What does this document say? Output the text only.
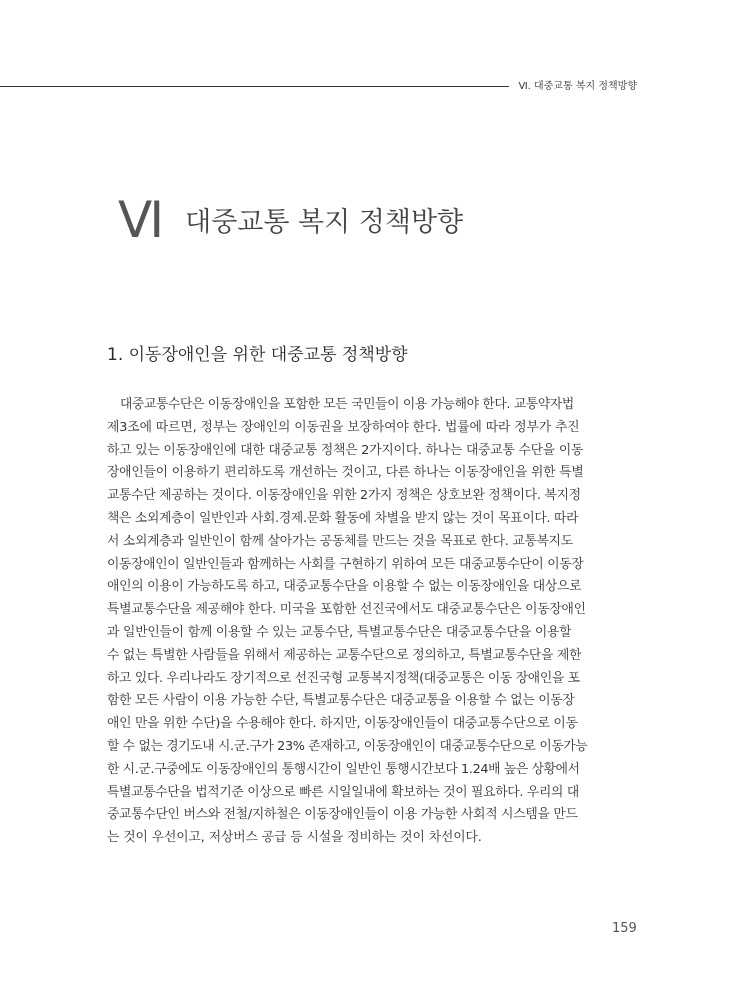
Ⅵ. 대중교통 복지 정책방향
Ⅵ 대중교통 복지 정책방향
1. 이동장애인을 위한 대중교통 정책방향
대중교통수단은 이동장애인을 포함한 모든 국민들이 이용 가능해야 한다. 교통약자법
제3조에 따르면, 정부는 장애인의 이동권을 보장하여야 한다. 법률에 따라 정부가 추진
하고 있는 이동장애인에 대한 대중교통 정책은 2가지이다. 하나는 대중교통 수단을 이동
장애인들이 이용하기 편리하도록 개선하는 것이고, 다른 하나는 이동장애인을 위한 특별
교통수단 제공하는 것이다. 이동장애인을 위한 2가지 정책은 상호보완 정책이다. 복지정
책은 소외계층이 일반인과 사회.경제.문화 활동에 차별을 받지 않는 것이 목표이다. 따라
서 소외계층과 일반인이 함께 살아가는 공동체를 만드는 것을 목표로 한다. 교통복지도
이동장애인이 일반인들과 함께하는 사회를 구현하기 위하여 모든 대중교통수단이 이동장
애인의 이용이 가능하도록 하고, 대중교통수단을 이용할 수 없는 이동장애인을 대상으로
특별교통수단을 제공해야 한다. 미국을 포함한 선진국에서도 대중교통수단은 이동장애인
과 일반인들이 함께 이용할 수 있는 교통수단, 특별교통수단은 대중교통수단을 이용할
수 없는 특별한 사람들을 위해서 제공하는 교통수단으로 정의하고, 특별교통수단을 제한
하고 있다. 우리나라도 장기적으로 선진국형 교통복지정책(대중교통은 이동 장애인을 포
함한 모든 사람이 이용 가능한 수단, 특별교통수단은 대중교통을 이용할 수 없는 이동장
애인 만을 위한 수단)을 수용해야 한다. 하지만, 이동장애인들이 대중교통수단으로 이동
할 수 없는 경기도내 시.군.구가 23% 존재하고, 이동장애인이 대중교통수단으로 이동가능
한 시.군.구중에도 이동장애인의 통행시간이 일반인 통행시간보다 1.24배 높은 상황에서
특별교통수단을 법적기준 이상으로 빠른 시일일내에 확보하는 것이 필요하다. 우리의 대
중교통수단인 버스와 전철/지하철은 이동장애인들이 이용 가능한 사회적 시스템을 만드
는 것이 우선이고, 저상버스 공급 등 시설을 정비하는 것이 차선이다.
159
